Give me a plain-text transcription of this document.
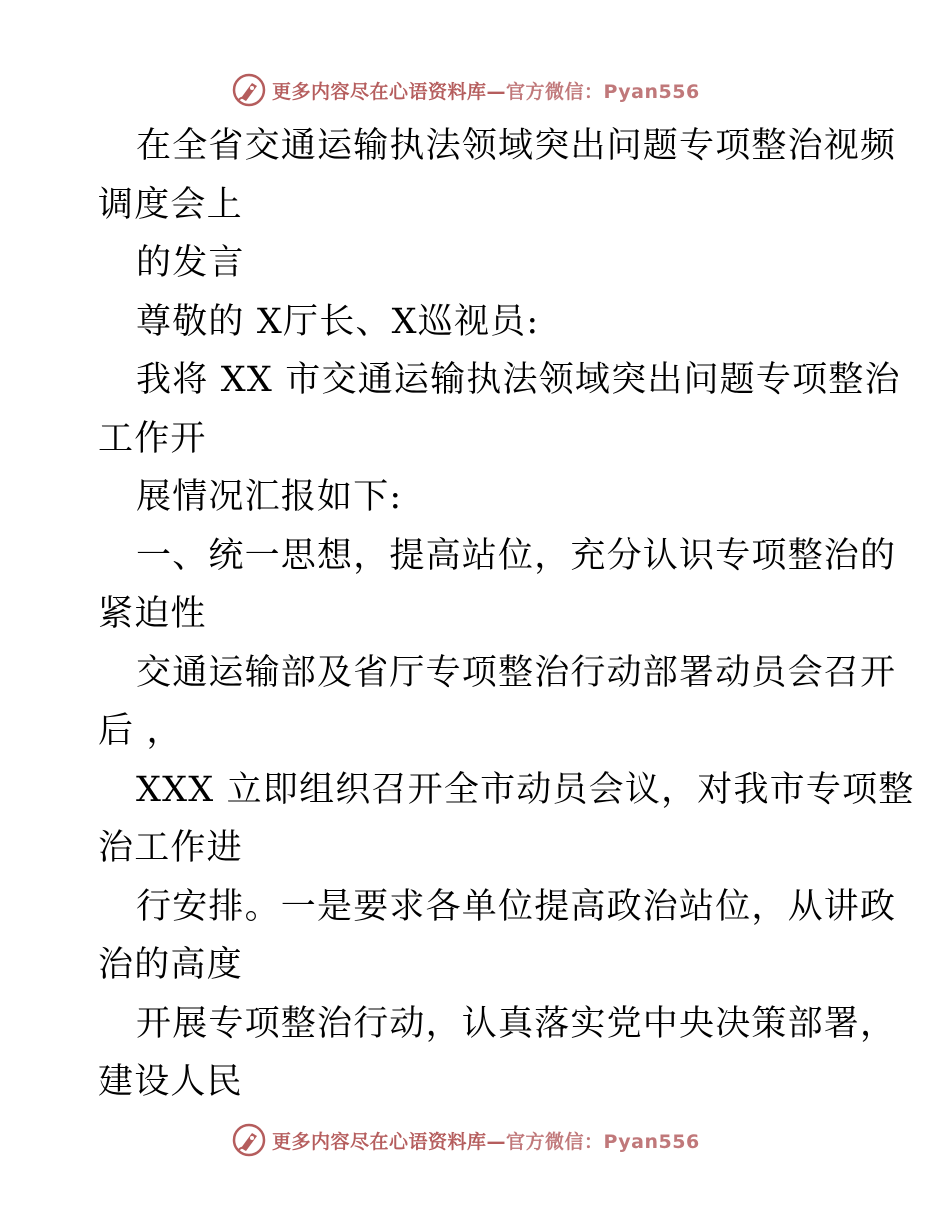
更多内容尽在心语资料库—官方微信：Pyan556
在全省交通运输执法领域突出问题专项整治视频
调度会上
的发言
尊敬的 X厅长、X巡视员:
我将 XX 市交通运输执法领域突出问题专项整治
工作开
展情况汇报如下:
一、统一思想，提高站位，充分认识专项整治的
紧迫性
交通运输部及省厅专项整治行动部署动员会召开
后 ，
XXX 立即组织召开全市动员会议，对我市专项整
治工作进
行安排。一是要求各单位提高政治站位，从讲政
治的高度
开展专项整治行动，认真落实党中央决策部署，
建设人民
更多内容尽在心语资料库—官方微信：Pyan556
